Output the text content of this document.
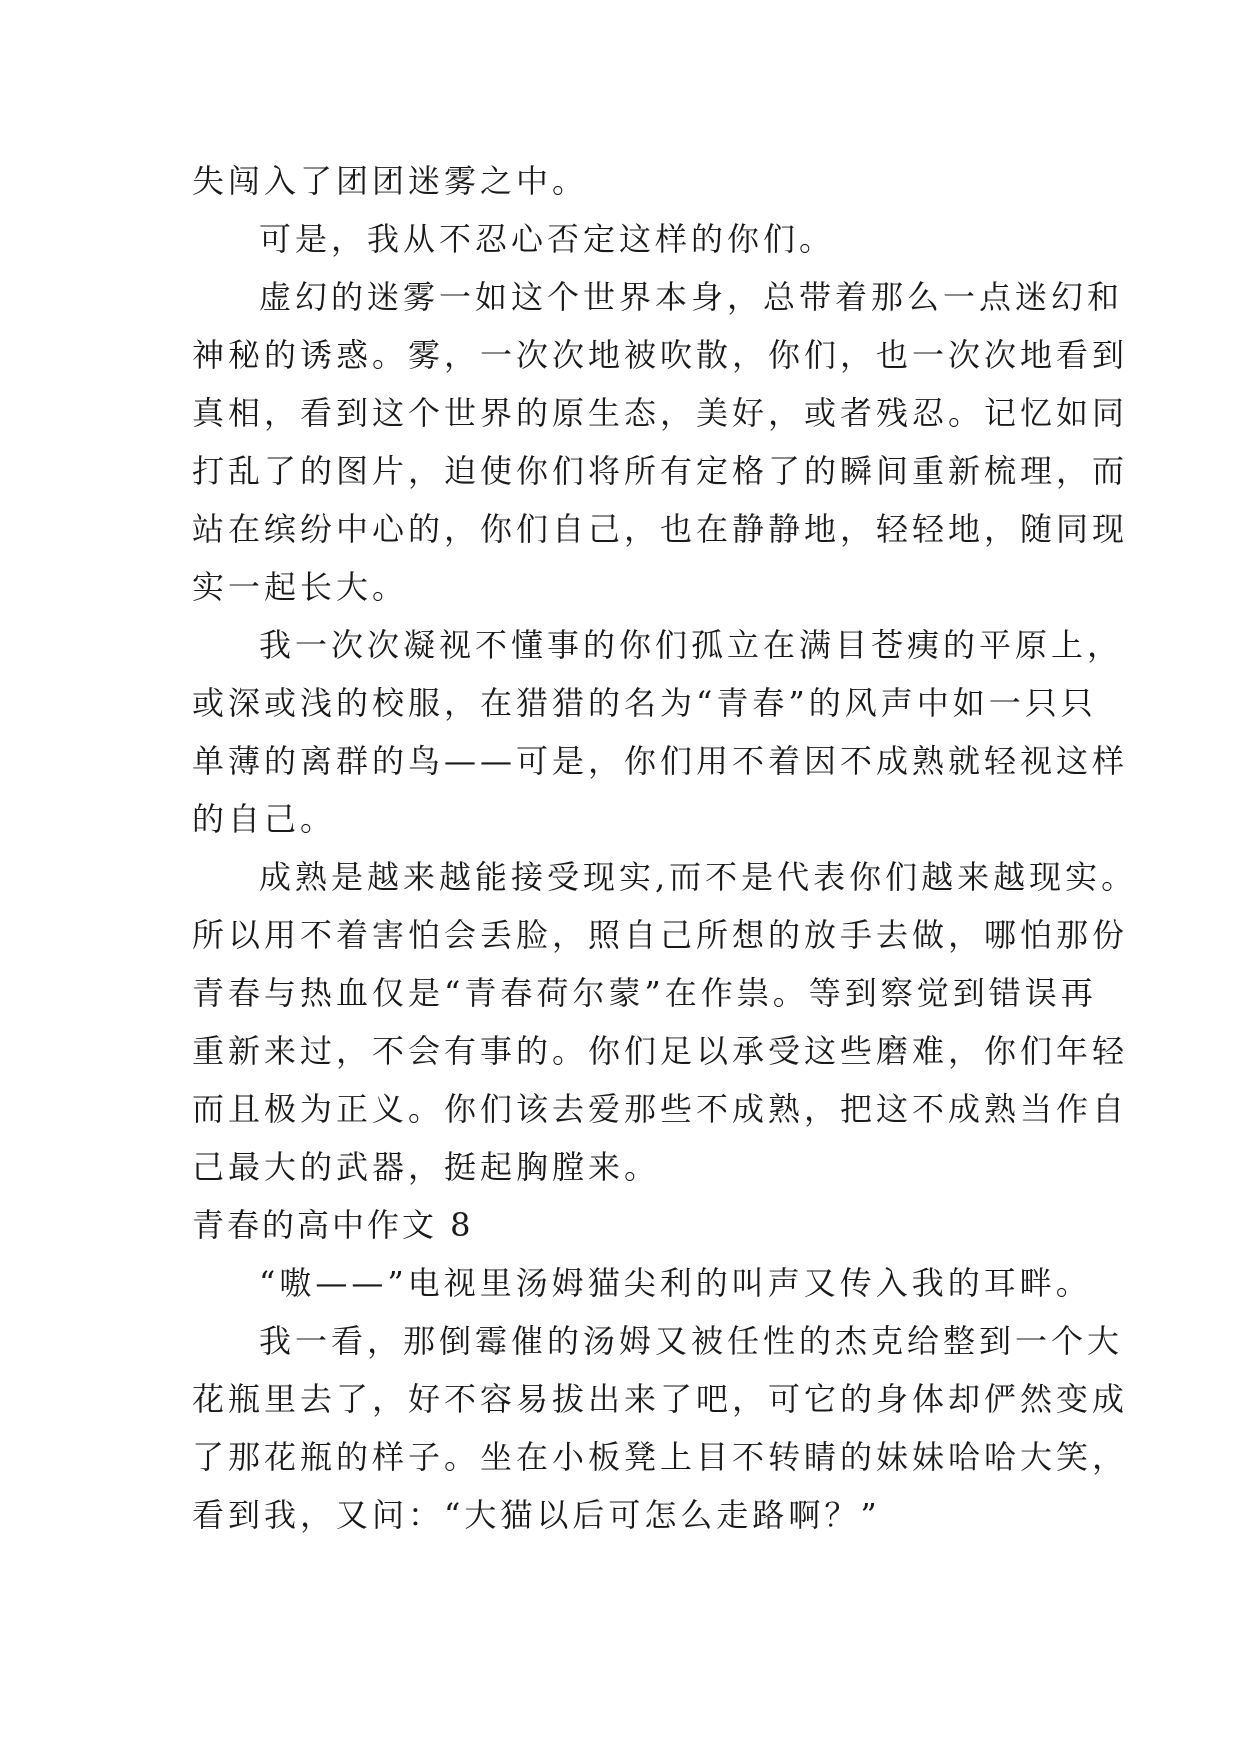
失闯入了团团迷雾之中。
可是，我从不忍心否定这样的你们。
虚幻的迷雾一如这个世界本身，总带着那么一点迷幻和
神秘的诱惑。雾，一次次地被吹散，你们，也一次次地看到
真相，看到这个世界的原生态，美好，或者残忍。记忆如同
打乱了的图片，迫使你们将所有定格了的瞬间重新梳理，而
站在缤纷中心的，你们自己，也在静静地，轻轻地，随同现
实一起长大。
我一次次凝视不懂事的你们孤立在满目苍痍的平原上，
或深或浅的校服，在猎猎的名为“青春”的风声中如一只只
单薄的离群的鸟——可是，你们用不着因不成熟就轻视这样
的自己。
成熟是越来越能接受现实,而不是代表你们越来越现实。
所以用不着害怕会丢脸，照自己所想的放手去做，哪怕那份
青春与热血仅是“青春荷尔蒙”在作祟。等到察觉到错误再
重新来过，不会有事的。你们足以承受这些磨难，你们年轻
而且极为正义。你们该去爱那些不成熟，把这不成熟当作自
己最大的武器，挺起胸膛来。
青春的高中作文 8
“嗷——”电视里汤姆猫尖利的叫声又传入我的耳畔。
我一看，那倒霉催的汤姆又被任性的杰克给整到一个大
花瓶里去了，好不容易拔出来了吧，可它的身体却俨然变成
了那花瓶的样子。坐在小板凳上目不转睛的妹妹哈哈大笑，
看到我，又问：“大猫以后可怎么走路啊？”
